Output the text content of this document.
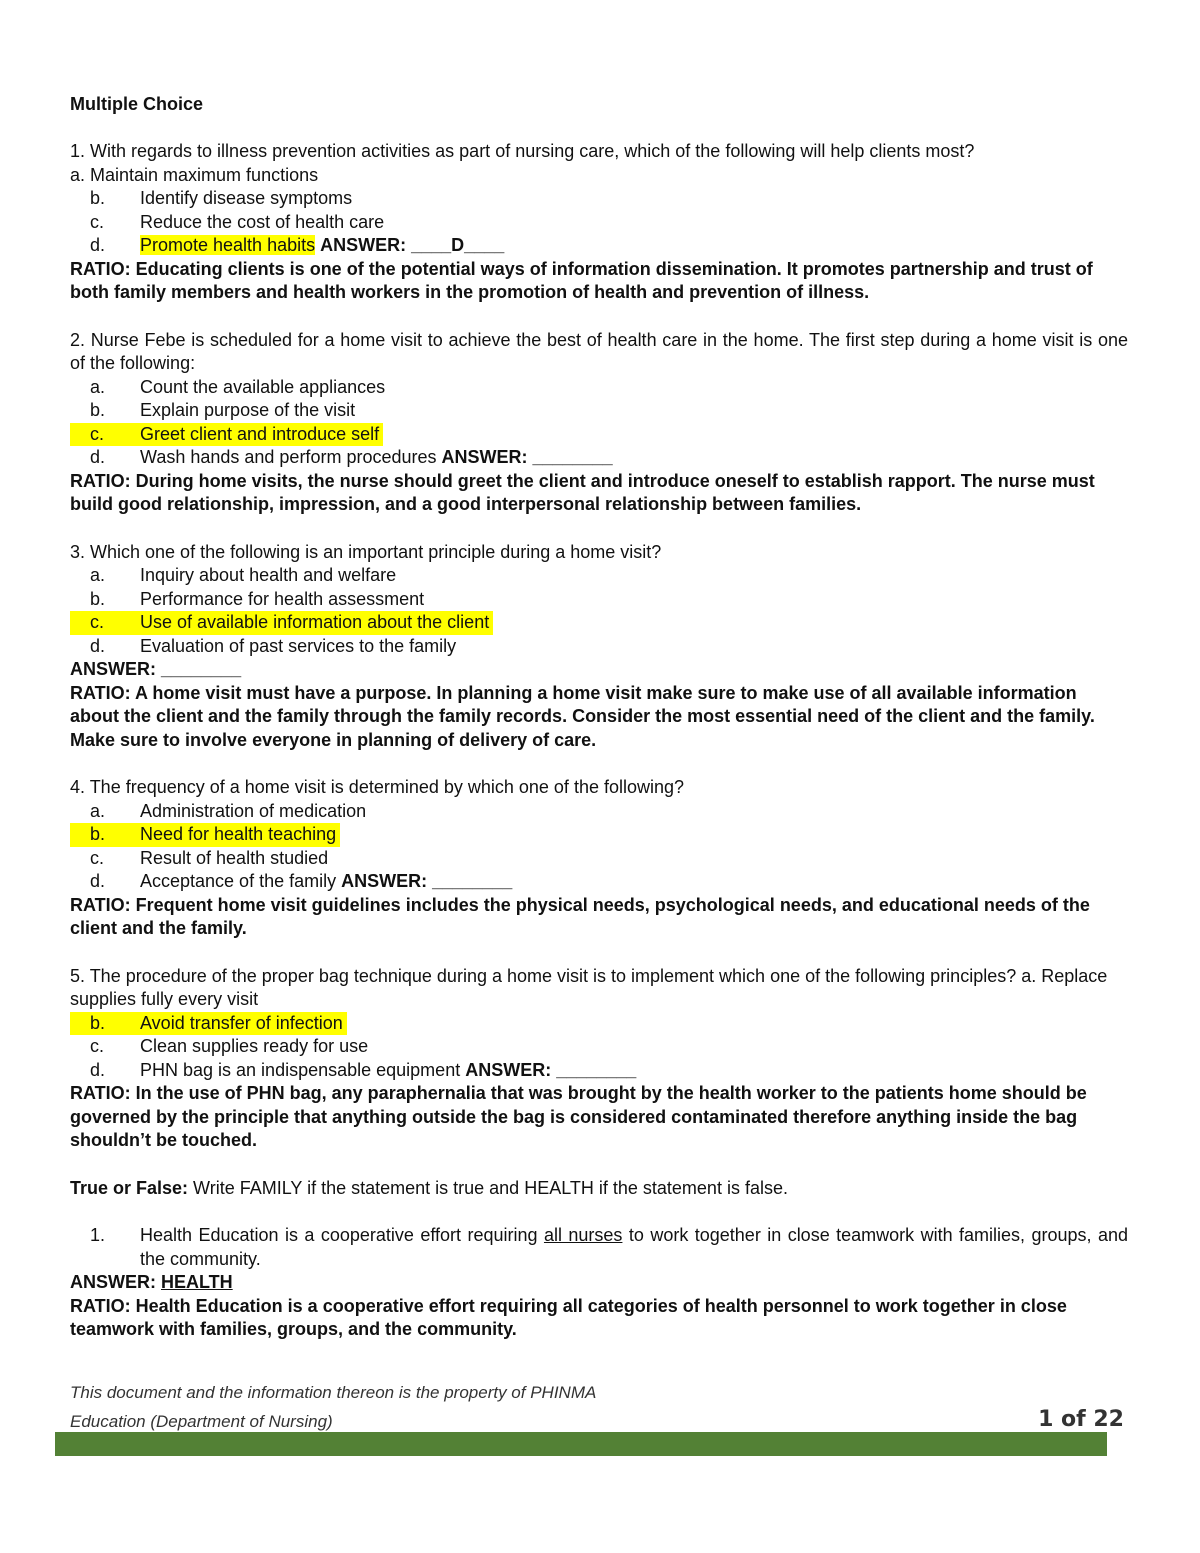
Multiple Choice
1. With regards to illness prevention activities as part of nursing care, which of the following will help clients most?
a. Maintain maximum functions
b.	Identify disease symptoms
c.	Reduce the cost of health care
d.	Promote health habits ANSWER: ____D____
RATIO: Educating clients is one of the potential ways of information dissemination. It promotes partnership and trust of both family members and health workers in the promotion of health and prevention of illness.
2. Nurse Febe is scheduled for a home visit to achieve the best of health care in the home. The first step during a home visit is one of the following:
a.	Count the available appliances
b.	Explain purpose of the visit
c.	Greet client and introduce self
d.	Wash hands and perform procedures ANSWER: ________
RATIO: During home visits, the nurse should greet the client and introduce oneself to establish rapport. The nurse must build good relationship, impression, and a good interpersonal relationship between families.
3. Which one of the following is an important principle during a home visit?
a.	Inquiry about health and welfare
b.	Performance for health assessment
c.	Use of available information about the client
d.	Evaluation of past services to the family
ANSWER: ________
RATIO: A home visit must have a purpose. In planning a home visit make sure to make use of all available information about the client and the family through the family records. Consider the most essential need of the client and the family. Make sure to involve everyone in planning of delivery of care.
4. The frequency of a home visit is determined by which one of the following?
a.	Administration of medication
b.	Need for health teaching
c.	Result of health studied
d.	Acceptance of the family ANSWER: ________
RATIO: Frequent home visit guidelines includes the physical needs, psychological needs, and educational needs of the client and the family.
5. The procedure of the proper bag technique during a home visit is to implement which one of the following principles? a. Replace supplies fully every visit
b.	Avoid transfer of infection
c.	Clean supplies ready for use
d.	PHN bag is an indispensable equipment ANSWER: ________
RATIO: In the use of PHN bag, any paraphernalia that was brought by the health worker to the patients home should be governed by the principle that anything outside the bag is considered contaminated therefore anything inside the bag shouldn’t be touched.
True or False: Write FAMILY if the statement is true and HEALTH if the statement is false.
1.	Health Education is a cooperative effort requiring all nurses to work together in close teamwork with families, groups, and the community.
ANSWER: HEALTH
RATIO: Health Education is a cooperative effort requiring all categories of health personnel to work together in close teamwork with families, groups, and the community.
This document and the information thereon is the property of PHINMA
Education (Department of Nursing)	1 of 22
